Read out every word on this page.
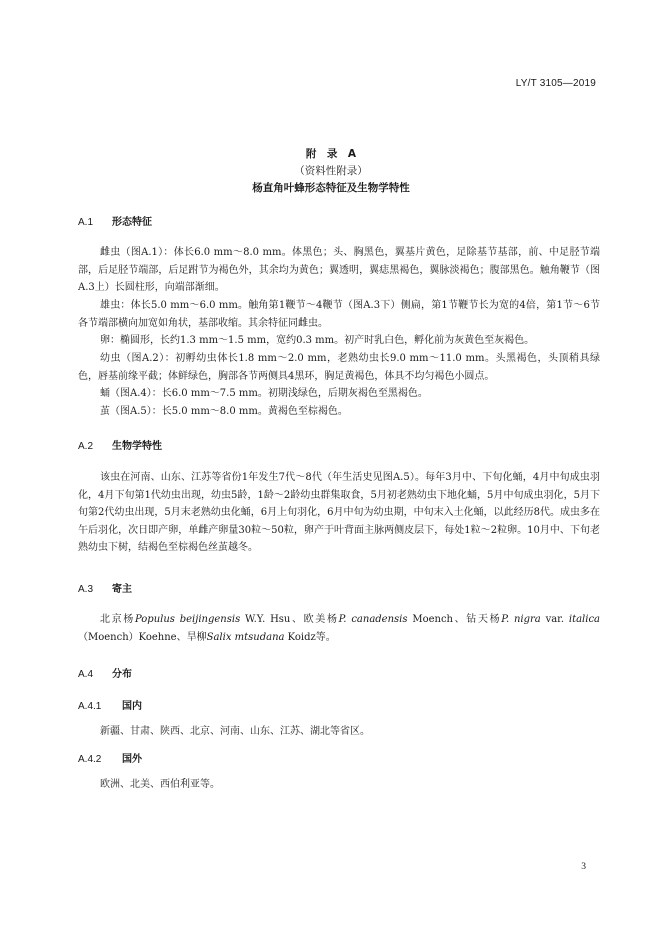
LY/T 3105—2019
附　录　A
（资料性附录）
杨直角叶蜂形态特征及生物学特性
A.1 形态特征
雌虫（图A.1）：体长6.0 mm～8.0 mm。体黑色；头、胸黑色，翼基片黄色，足除基节基部，前、中足胫节端部，后足胫节端部，后足跗节为褐色外，其余均为黄色；翼透明，翼痣黑褐色，翼脉淡褐色；腹部黑色。触角鞭节（图A.3上）长圆柱形，向端部渐细。
雄虫：体长5.0 mm～6.0 mm。触角第1鞭节～4鞭节（图A.3下）侧扁，第1节鞭节长为宽的4倍，第1节～6节各节端部横向加宽如角状，基部收缩。其余特征同雌虫。
卵：椭圆形，长约1.3 mm～1.5 mm，宽约0.3 mm。初产时乳白色，孵化前为灰黄色至灰褐色。
幼虫（图A.2）：初孵幼虫体长1.8 mm～2.0 mm，老熟幼虫长9.0 mm～11.0 mm。头黑褐色，头顶稍具绿色，唇基前缘平截；体鲜绿色，胸部各节两侧具4黑环，胸足黄褐色，体具不均匀褐色小圆点。
蛹（图A.4）：长6.0 mm～7.5 mm。初期浅绿色，后期灰褐色至黑褐色。
茧（图A.5）：长5.0 mm～8.0 mm。黄褐色至棕褐色。
A.2 生物学特性
该虫在河南、山东、江苏等省份1年发生7代～8代（年生活史见图A.5）。每年3月中、下旬化蛹，4月中旬成虫羽化，4月下旬第1代幼虫出现，幼虫5龄，1龄～2龄幼虫群集取食，5月初老熟幼虫下地化蛹，5月中旬成虫羽化，5月下旬第2代幼虫出现，5月末老熟幼虫化蛹，6月上旬羽化，6月中旬为幼虫期，中旬末入土化蛹，以此经历8代。成虫多在午后羽化，次日即产卵，单雌产卵量30粒～50粒，卵产于叶背面主脉两侧皮层下，每处1粒～2粒卵。10月中、下旬老熟幼虫下树，结褐色至棕褐色丝茧越冬。
A.3 寄主
北京杨Populus beijingensis W.Y. Hsu、欧美杨P. canadensis Moench、钻天杨P. nigra var. italica（Moench）Koehne、旱柳Salix mtsudana Koidz等。
A.4 分布
A.4.1 国内
新疆、甘肃、陕西、北京、河南、山东、江苏、湖北等省区。
A.4.2 国外
欧洲、北美、西伯利亚等。
3
